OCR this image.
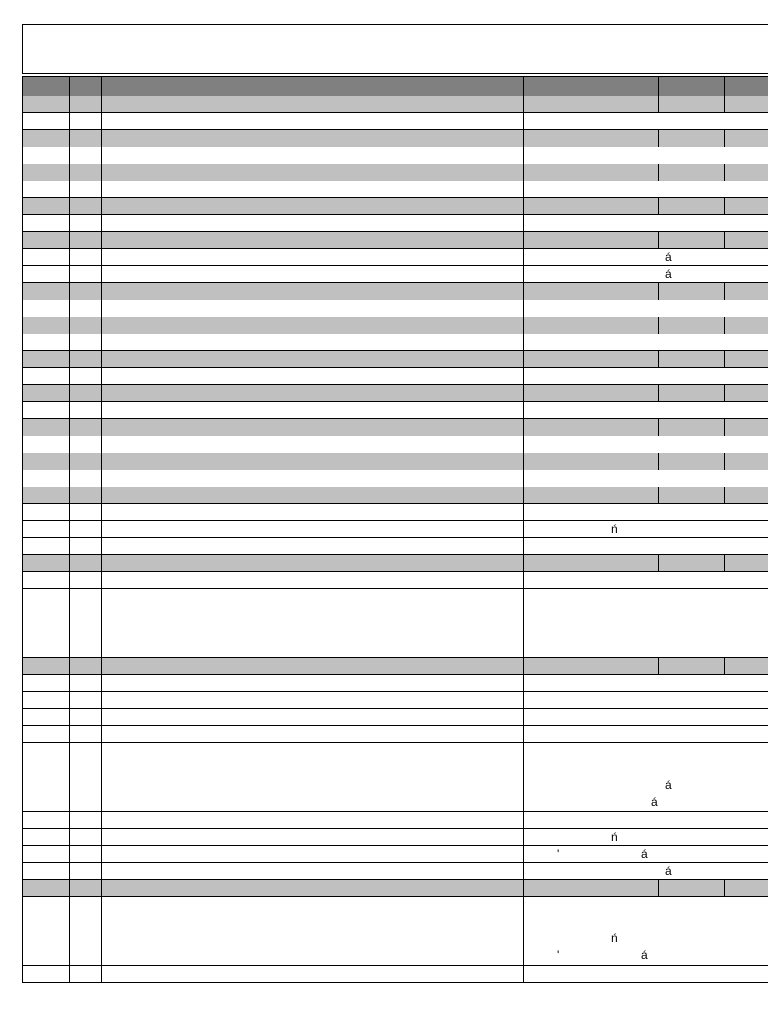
á
á
ń
á
á
ń
'	á
á
ń
'	á
